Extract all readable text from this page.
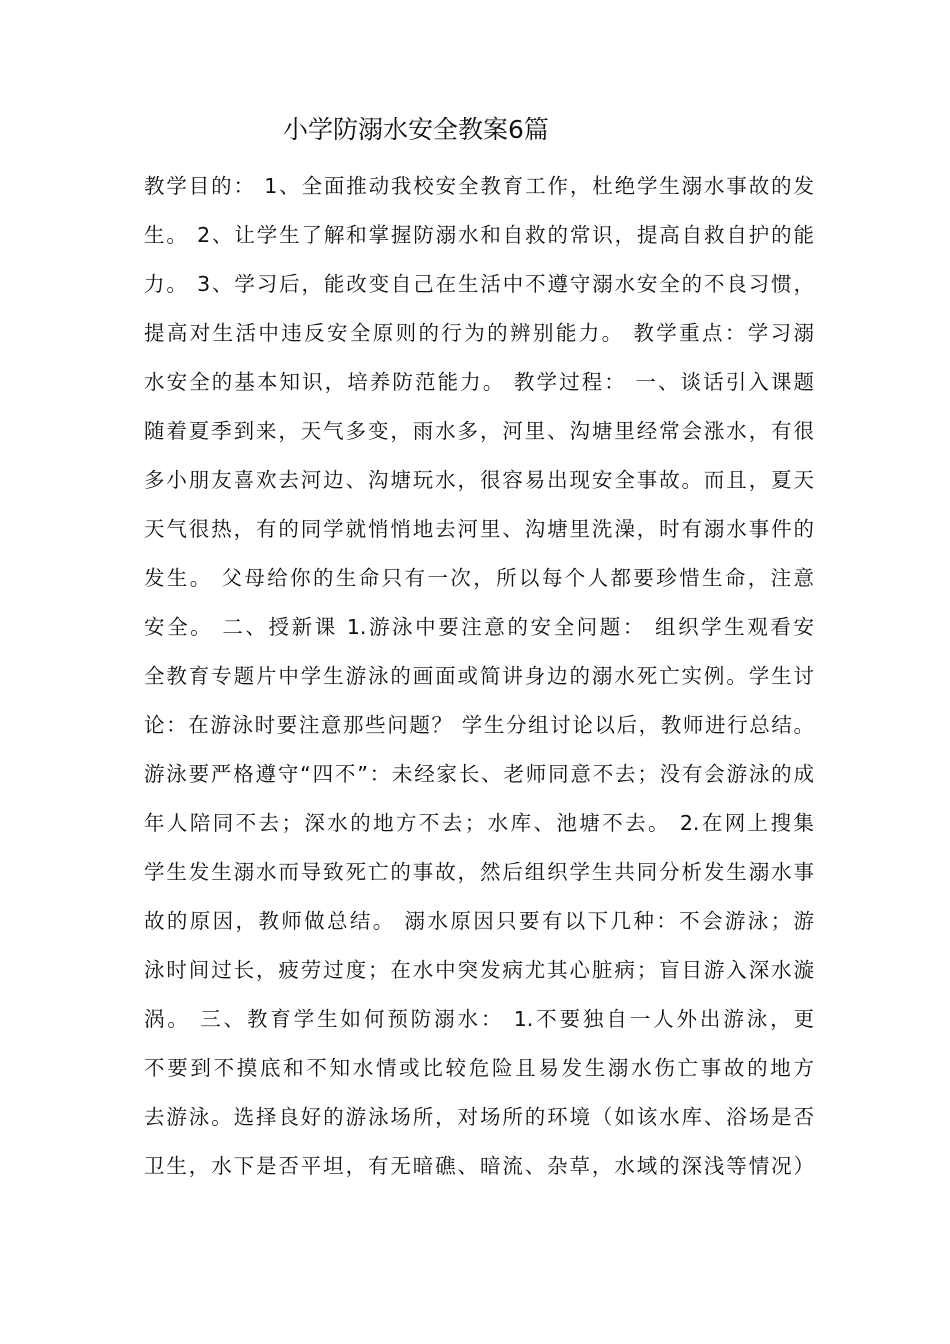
小学防溺水安全教案6篇
教学目的： 1、全面推动我校安全教育工作，杜绝学生溺水事故的发
生。 2、让学生了解和掌握防溺水和自救的常识，提高自救自护的能
力。 3、学习后，能改变自己在生活中不遵守溺水安全的不良习惯，
提高对生活中违反安全原则的行为的辨别能力。 教学重点：学习溺
水安全的基本知识，培养防范能力。 教学过程： 一、谈话引入课题
随着夏季到来，天气多变，雨水多，河里、沟塘里经常会涨水，有很
多小朋友喜欢去河边、沟塘玩水，很容易出现安全事故。而且，夏天
天气很热，有的同学就悄悄地去河里、沟塘里洗澡，时有溺水事件的
发生。 父母给你的生命只有一次，所以每个人都要珍惜生命，注意
安全。 二、授新课 1.游泳中要注意的安全问题： 组织学生观看安
全教育专题片中学生游泳的画面或简讲身边的溺水死亡实例。学生讨
论：在游泳时要注意那些问题？ 学生分组讨论以后，教师进行总结。
游泳要严格遵守“四不”：未经家长、老师同意不去；没有会游泳的成
年人陪同不去；深水的地方不去；水库、池塘不去。 2.在网上搜集
学生发生溺水而导致死亡的事故，然后组织学生共同分析发生溺水事
故的原因，教师做总结。 溺水原因只要有以下几种：不会游泳；游
泳时间过长，疲劳过度；在水中突发病尤其心脏病；盲目游入深水漩
涡。 三、教育学生如何预防溺水： 1.不要独自一人外出游泳，更
不要到不摸底和不知水情或比较危险且易发生溺水伤亡事故的地方
去游泳。选择良好的游泳场所，对场所的环境（如该水库、浴场是否
卫生，水下是否平坦，有无暗礁、暗流、杂草，水域的深浅等情况）
